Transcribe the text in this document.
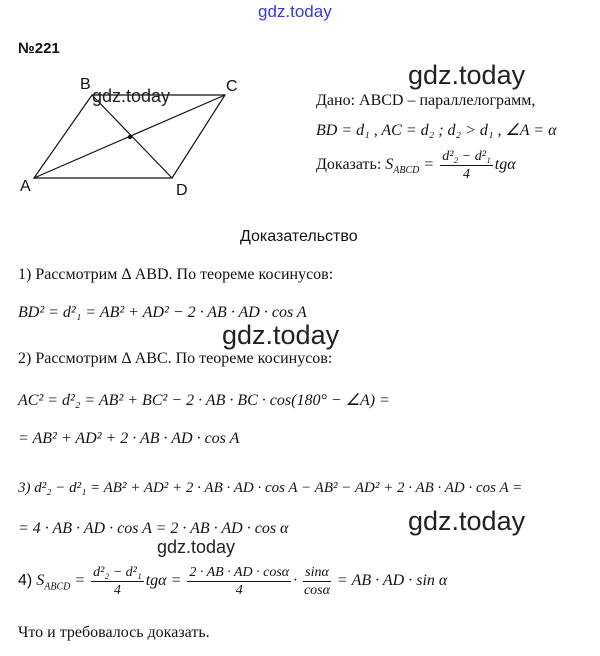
gdz.today
№221
B	C
A	D
gdz.today
gdz.today
gdz.today
gdz.today
gdz.today
Дано: ABCD – параллелограмм,
BD = d₁ , AC = d₂ ; d₂ > d₁ , ∠A = α
Доказать: $S_{ABCD} = \frac{\text{d²₂ − d²₁}}{4}$ tgα
Доказательство
1) Рассмотрим Δ ABD. По теореме косинусов:
BD² = d²₁ = AB² + AD² − 2 · AB · AD · cos A
2) Рассмотрим Δ ABC. По теореме косинусов:
AC² = d²₂ = AB² + BC² − 2 · AB · BC · cos(180° − ∠A) =
= AB² + AD² + 2 · AB · AD · cos A
3) d²₂ − d²₁ = AB² + AD² + 2 · AB · AD · cos A − AB² − AD² + 2 · AB · AD · cos A =
= 4 · AB · AD · cos A = 2 · AB · AD · cos α
4) $S_{ABCD} = \frac{\text{d²₂ − d²₁}}{4}$ $tg\alpha = \frac{2 \cdot AB \cdot AD \cdot \cos\alpha}{4} \cdot \frac{\sin\alpha}{\cos\alpha}$ = AB · AD · sin α
Что и требовалось доказать.
